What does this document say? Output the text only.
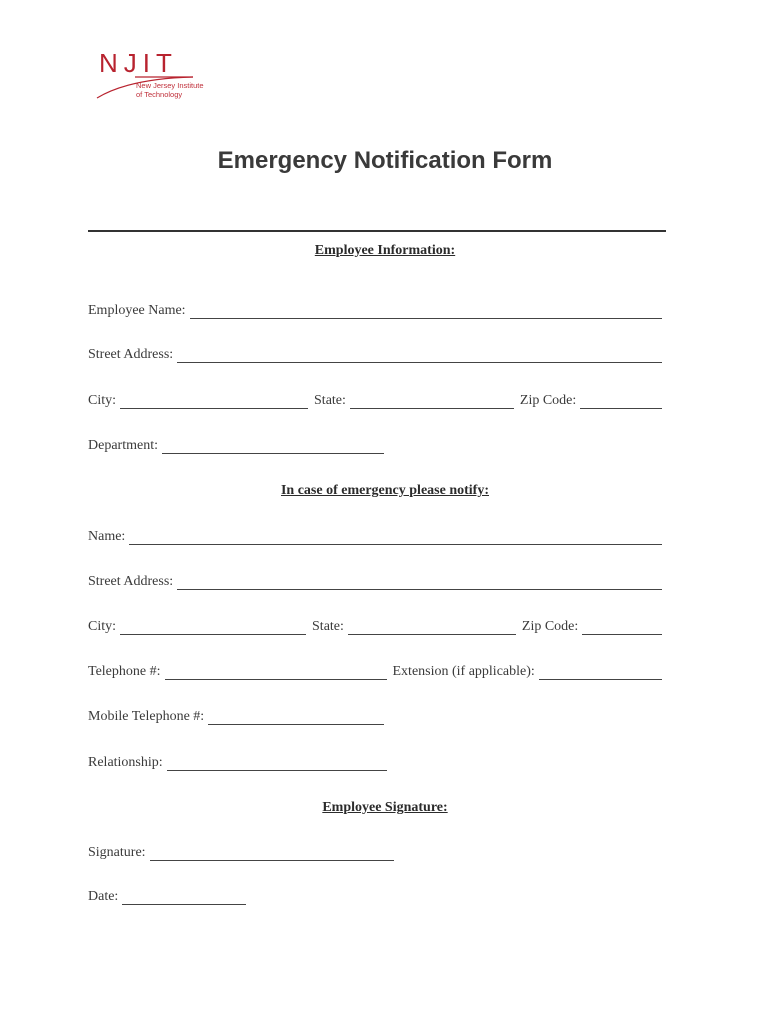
NJIT
New Jersey Institute
of Technology
Emergency Notification Form
Employee Information:
Employee Name:
Street Address:
City:	State:	Zip Code:
Department:
In case of emergency please notify:
Name:
Street Address:
City:	State:	Zip Code:
Telephone #:	Extension (if applicable):
Mobile Telephone #:
Relationship:
Employee Signature:
Signature:
Date:
